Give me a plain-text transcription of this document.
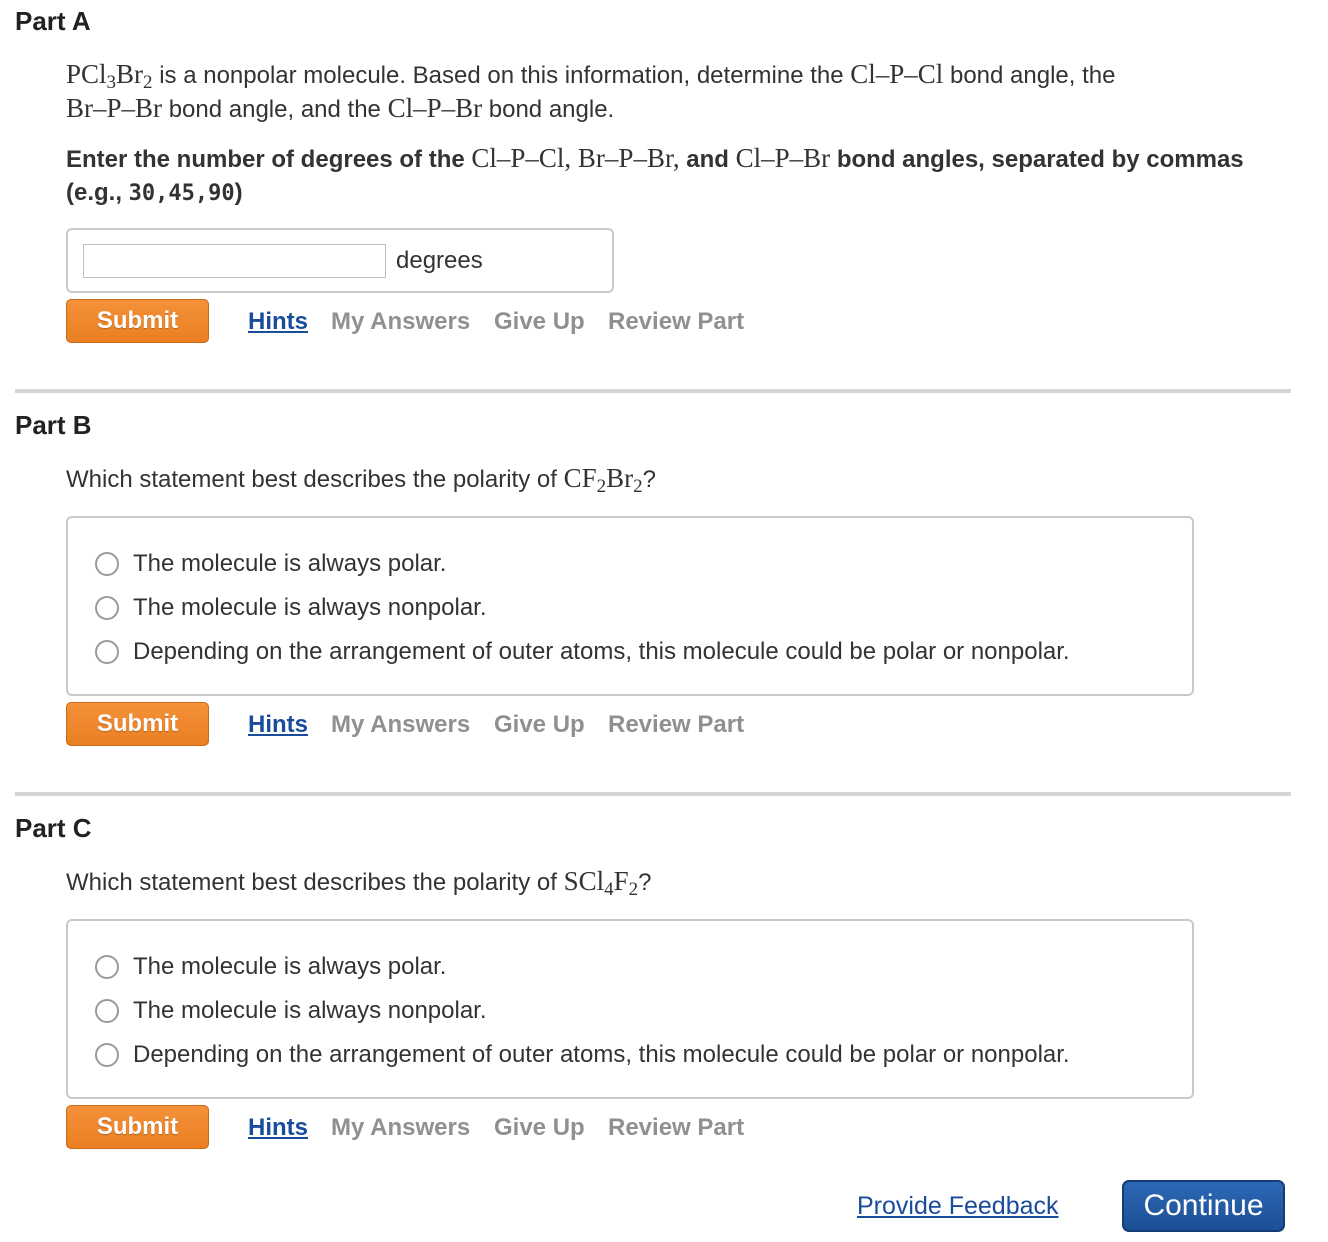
Part A
$PCl_3Br_2$ is a nonpolar molecule. Based on this information, determine the Cl–P–Cl bond angle, the
Br–P–Br bond angle, and the Cl–P–Br bond angle.
Enter the number of degrees of the Cl–P–Cl, Br–P–Br, and Cl–P–Br bond angles, separated by commas (e.g., 30,45,90)
degrees
Submit	Hints My Answers Give Up Review Part
Part B
Which statement best describes the polarity of $CF_2Br_2$?
The molecule is always polar.
The molecule is always nonpolar.
Depending on the arrangement of outer atoms, this molecule could be polar or nonpolar.
Submit	Hints My Answers Give Up Review Part
Part C
Which statement best describes the polarity of $SCl_4F_2$?
The molecule is always polar.
The molecule is always nonpolar.
Depending on the arrangement of outer atoms, this molecule could be polar or nonpolar.
Submit	Hints My Answers Give Up Review Part
Provide Feedback	Continue
